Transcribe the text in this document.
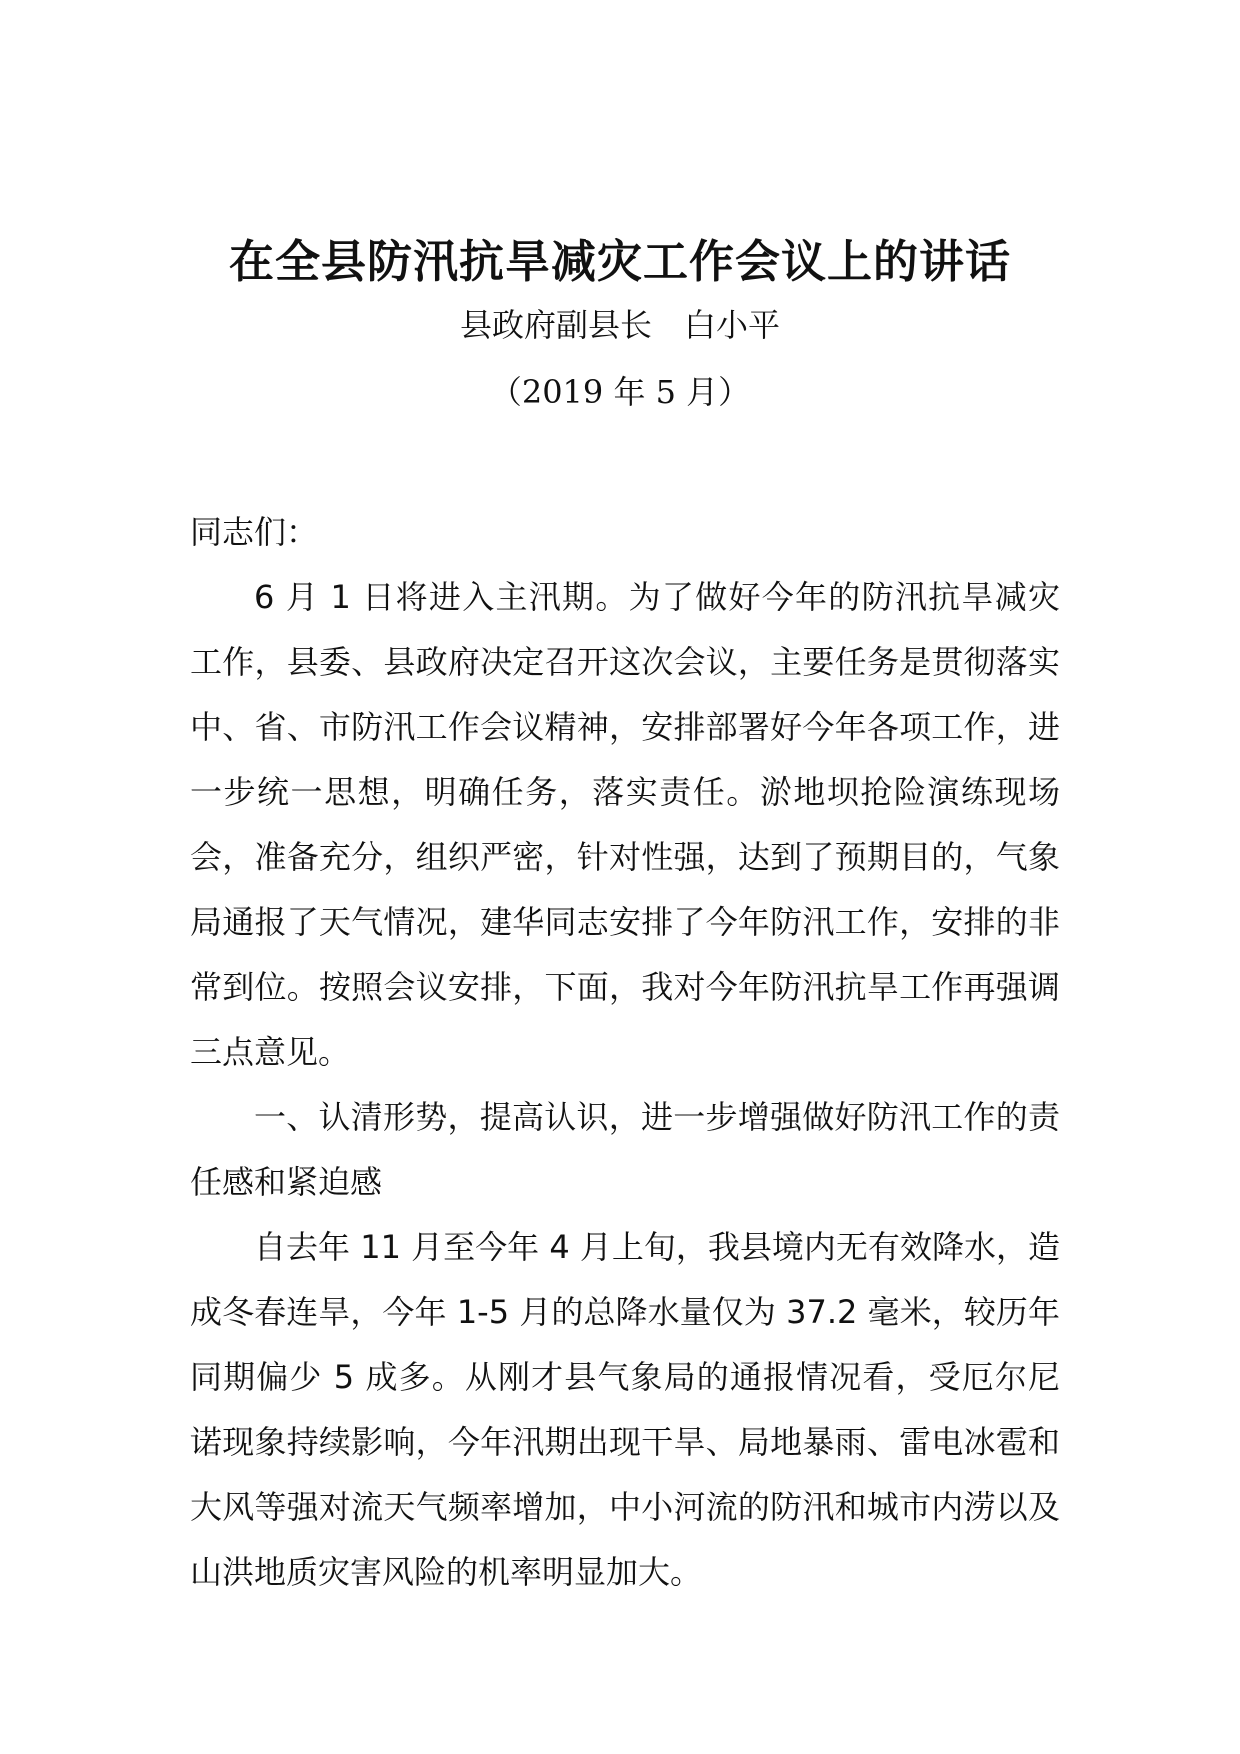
在全县防汛抗旱减灾工作会议上的讲话
县政府副县长　白小平
（2019 年 5 月）

同志们：

6 月 1 日将进入主汛期。为了做好今年的防汛抗旱减灾工作，县委、县政府决定召开这次会议，主要任务是贯彻落实中、省、市防汛工作会议精神，安排部署好今年各项工作，进一步统一思想，明确任务，落实责任。淤地坝抢险演练现场会，准备充分，组织严密，针对性强，达到了预期目的，气象局通报了天气情况，建华同志安排了今年防汛工作，安排的非常到位。按照会议安排，下面，我对今年防汛抗旱工作再强调三点意见。

一、认清形势，提高认识，进一步增强做好防汛工作的责任感和紧迫感

自去年 11 月至今年 4 月上旬，我县境内无有效降水，造成冬春连旱，今年 1-5 月的总降水量仅为 37.2 毫米，较历年同期偏少 5 成多。从刚才县气象局的通报情况看，受厄尔尼诺现象持续影响，今年汛期出现干旱、局地暴雨、雷电冰雹和大风等强对流天气频率增加，中小河流的防汛和城市内涝以及山洪地质灾害风险的机率明显加大。
